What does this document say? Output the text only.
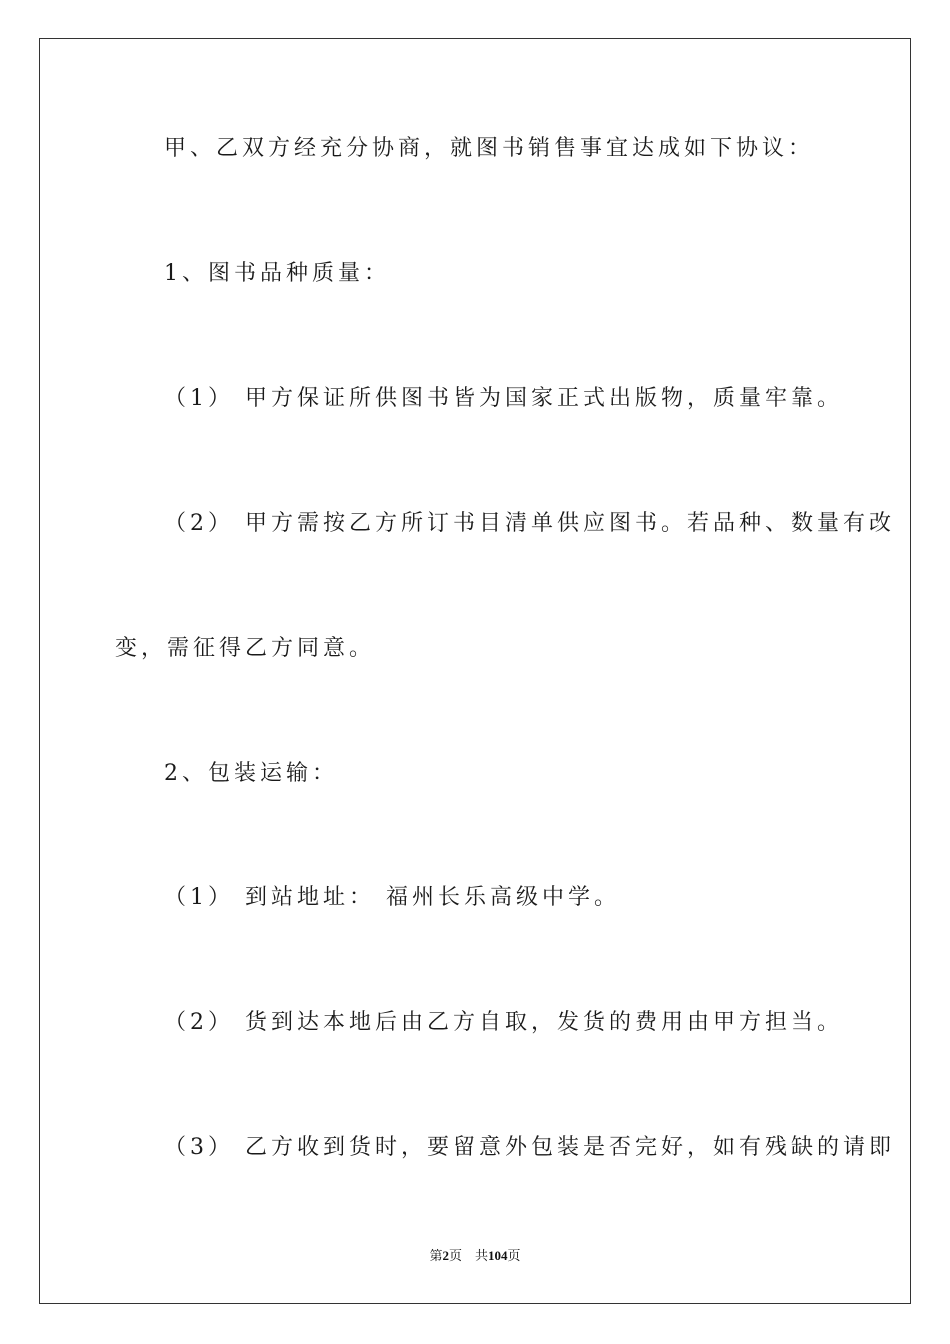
甲、乙双方经充分协商，就图书销售事宜达成如下协议：
1、图书品种质量：
（1） 甲方保证所供图书皆为国家正式出版物，质量牢靠。
（2） 甲方需按乙方所订书目清单供应图书。若品种、数量有改
变，需征得乙方同意。
2、包装运输：
（1） 到站地址： 福州长乐高级中学。
（2） 货到达本地后由乙方自取，发货的费用由甲方担当。
（3） 乙方收到货时，要留意外包装是否完好，如有残缺的请即
第2页 共104页
